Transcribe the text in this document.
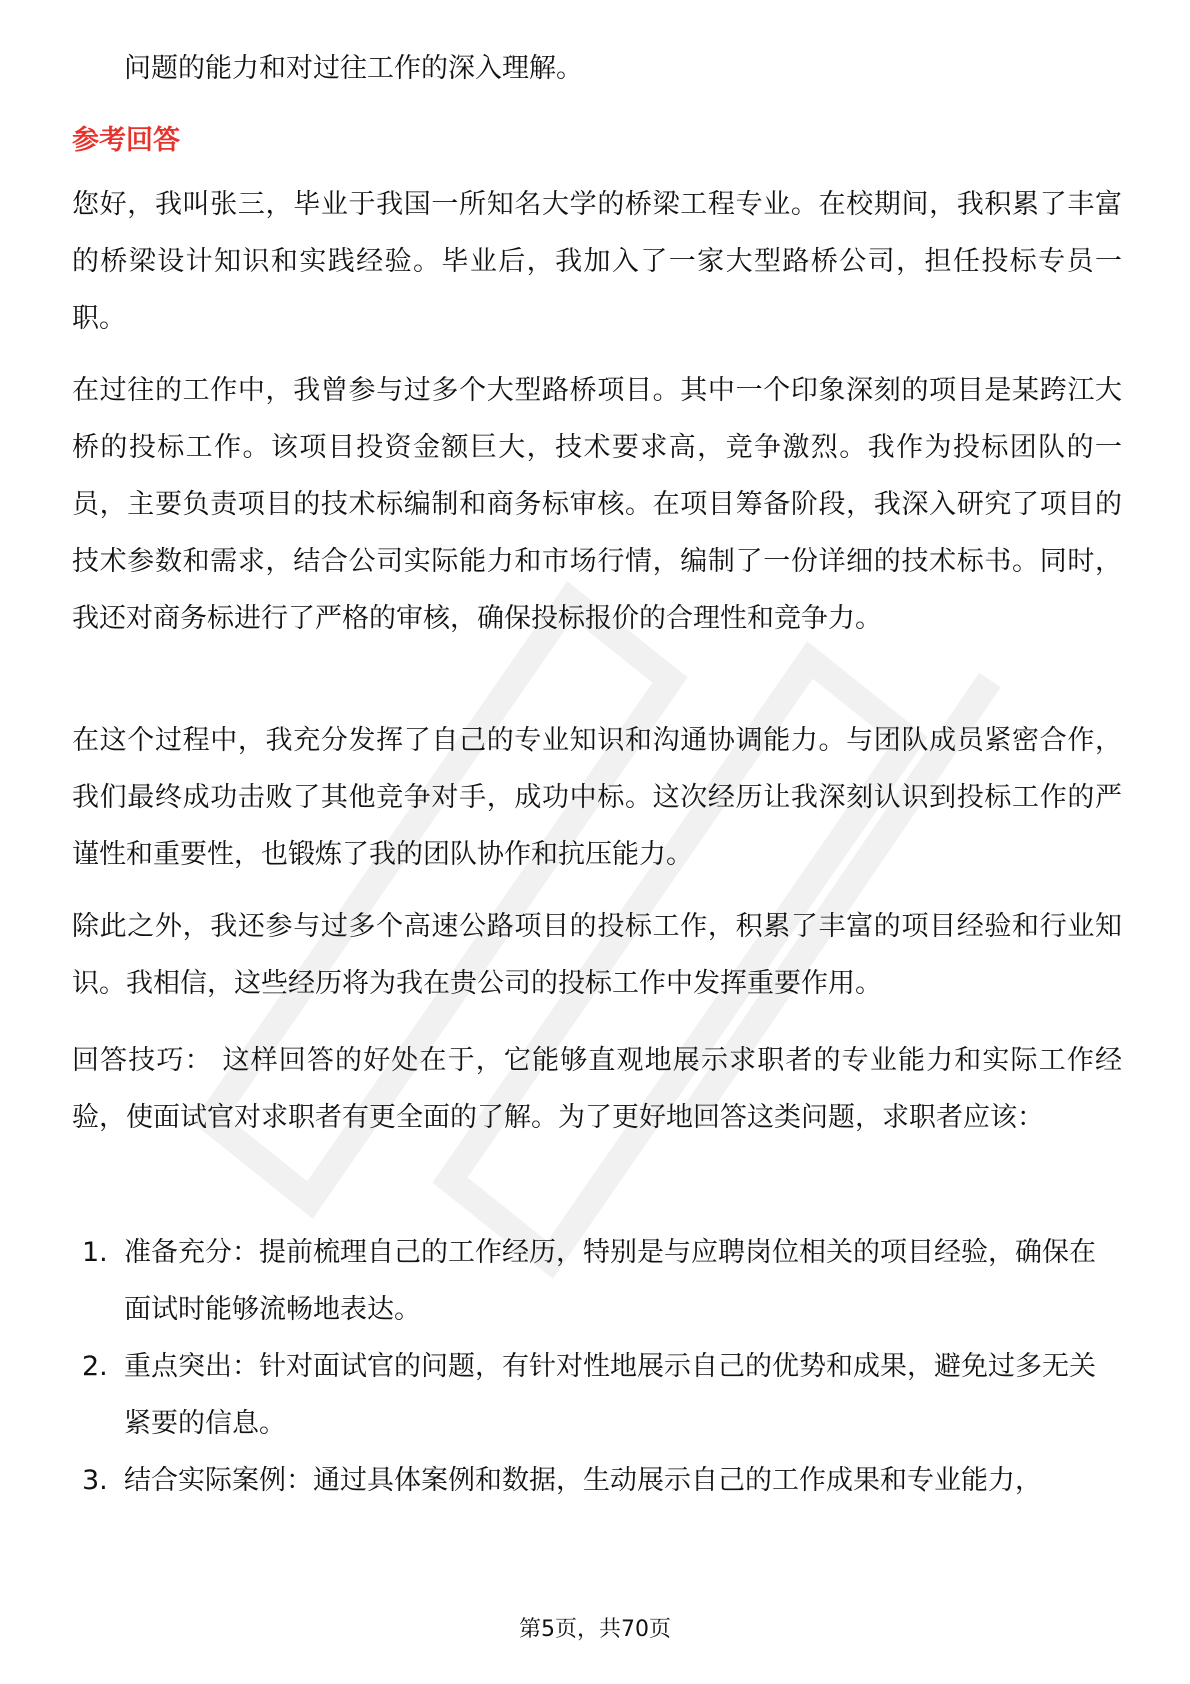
问题的能力和对过往工作的深入理解。

参考回答

您好，我叫张三，毕业于我国一所知名大学的桥梁工程专业。在校期间，我积累了丰富的桥梁设计知识和实践经验。毕业后，我加入了一家大型路桥公司，担任投标专员一职。

在过往的工作中，我曾参与过多个大型路桥项目。其中一个印象深刻的项目是某跨江大桥的投标工作。该项目投资金额巨大，技术要求高，竞争激烈。我作为投标团队的一员，主要负责项目的技术标编制和商务标审核。在项目筹备阶段，我深入研究了项目的技术参数和需求，结合公司实际能力和市场行情，编制了一份详细的技术标书。同时，我还对商务标进行了严格的审核，确保投标报价的合理性和竞争力。

在这个过程中，我充分发挥了自己的专业知识和沟通协调能力。与团队成员紧密合作，我们最终成功击败了其他竞争对手，成功中标。这次经历让我深刻认识到投标工作的严谨性和重要性，也锻炼了我的团队协作和抗压能力。

除此之外，我还参与过多个高速公路项目的投标工作，积累了丰富的项目经验和行业知识。我相信，这些经历将为我在贵公司的投标工作中发挥重要作用。

回答技巧： 这样回答的好处在于，它能够直观地展示求职者的专业能力和实际工作经验，使面试官对求职者有更全面的了解。为了更好地回答这类问题，求职者应该：

1. 准备充分：提前梳理自己的工作经历，特别是与应聘岗位相关的项目经验，确保在面试时能够流畅地表达。
2. 重点突出：针对面试官的问题，有针对性地展示自己的优势和成果，避免过多无关紧要的信息。
3. 结合实际案例：通过具体案例和数据，生动展示自己的工作成果和专业能力，
第5页，共70页
